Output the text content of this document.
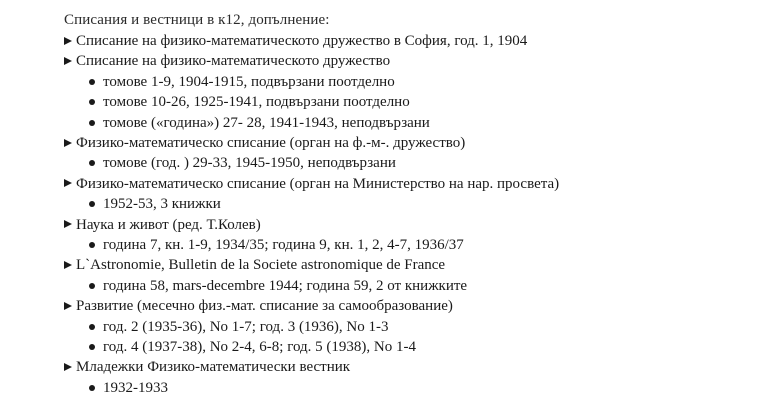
Списания и вестници в к12, допълнение:
Списание на физико-математическото дружество в София, год. 1, 1904
Списание на физико-математическото дружество
томове 1-9, 1904-1915, подвързани поотделно
томове 10-26, 1925-1941, подвързани поотделно
томове («година») 27- 28, 1941-1943, неподвързани
Физико-математическо списание (орган на ф.-м-. дружество)
томове (год. ) 29-33, 1945-1950, неподвързани
Физико-математическо списание (орган на Министерство на нар. просвета)
1952-53, 3 книжки
Наука и живот (ред. Т.Колев)
година 7, кн. 1-9, 1934/35; година 9, кн. 1, 2, 4-7, 1936/37
L`Astronomie, Bulletin de la Societe astronomique de France
година 58, mars-decembre 1944; година 59, 2 от книжките
Развитие (месечно физ.-мат. списание за самообразование)
год. 2 (1935-36), No 1-7; год. 3 (1936), No 1-3
год. 4 (1937-38), No 2-4, 6-8; год. 5 (1938), No 1-4
Младежки Физико-математически вестник
1932-1933
